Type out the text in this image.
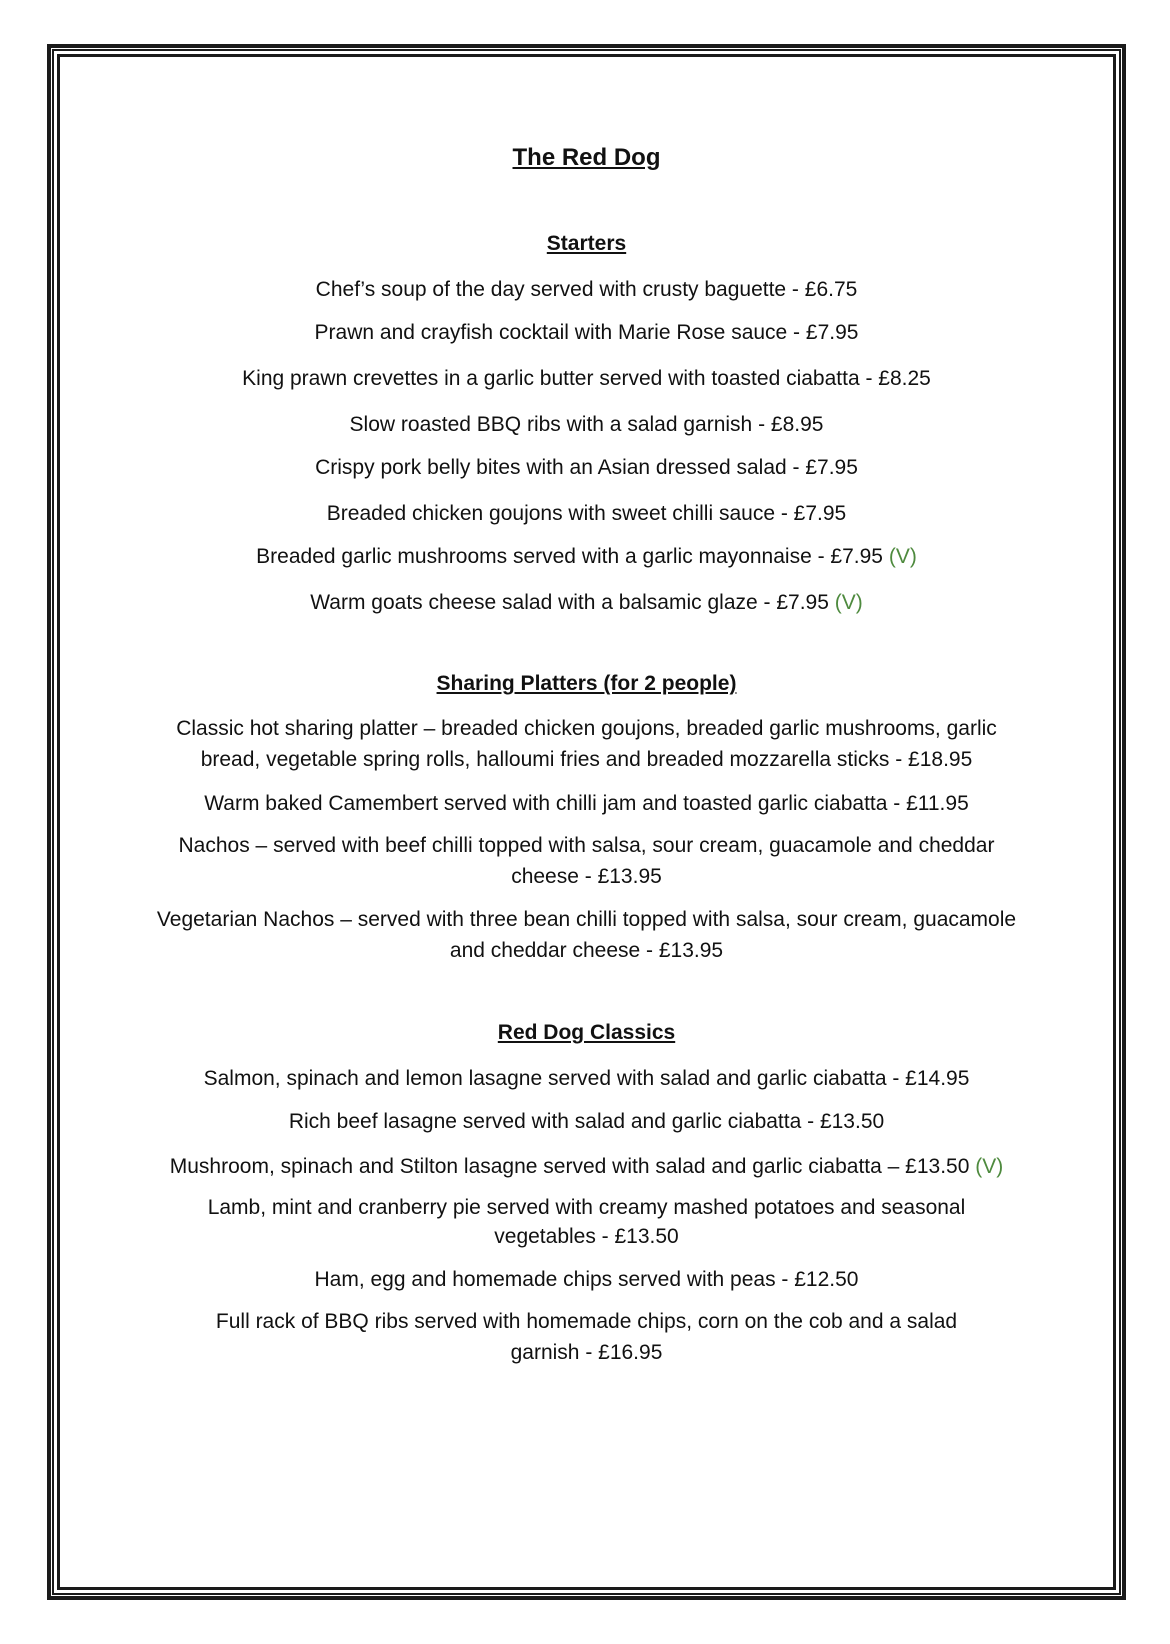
The Red Dog
Starters

Chef’s soup of the day served with crusty baguette - £6.75

Prawn and crayfish cocktail with Marie Rose sauce - £7.95

King prawn crevettes in a garlic butter served with toasted ciabatta - £8.25

Slow roasted BBQ ribs with a salad garnish - £8.95

Crispy pork belly bites with an Asian dressed salad - £7.95

Breaded chicken goujons with sweet chilli sauce - £7.95

Breaded garlic mushrooms served with a garlic mayonnaise - £7.95 (V)

Warm goats cheese salad with a balsamic glaze - £7.95 (V)

Sharing Platters (for 2 people)

Classic hot sharing platter – breaded chicken goujons, breaded garlic mushrooms, garlic
bread, vegetable spring rolls, halloumi fries and breaded mozzarella sticks - £18.95

Warm baked Camembert served with chilli jam and toasted garlic ciabatta - £11.95

Nachos – served with beef chilli topped with salsa, sour cream, guacamole and cheddar
cheese - £13.95

Vegetarian Nachos – served with three bean chilli topped with salsa, sour cream, guacamole
and cheddar cheese - £13.95

Red Dog Classics

Salmon, spinach and lemon lasagne served with salad and garlic ciabatta - £14.95

Rich beef lasagne served with salad and garlic ciabatta - £13.50

Mushroom, spinach and Stilton lasagne served with salad and garlic ciabatta – £13.50 (V)

Lamb, mint and cranberry pie served with creamy mashed potatoes and seasonal
vegetables - £13.50

Ham, egg and homemade chips served with peas - £12.50

Full rack of BBQ ribs served with homemade chips, corn on the cob and a salad
garnish - £16.95
